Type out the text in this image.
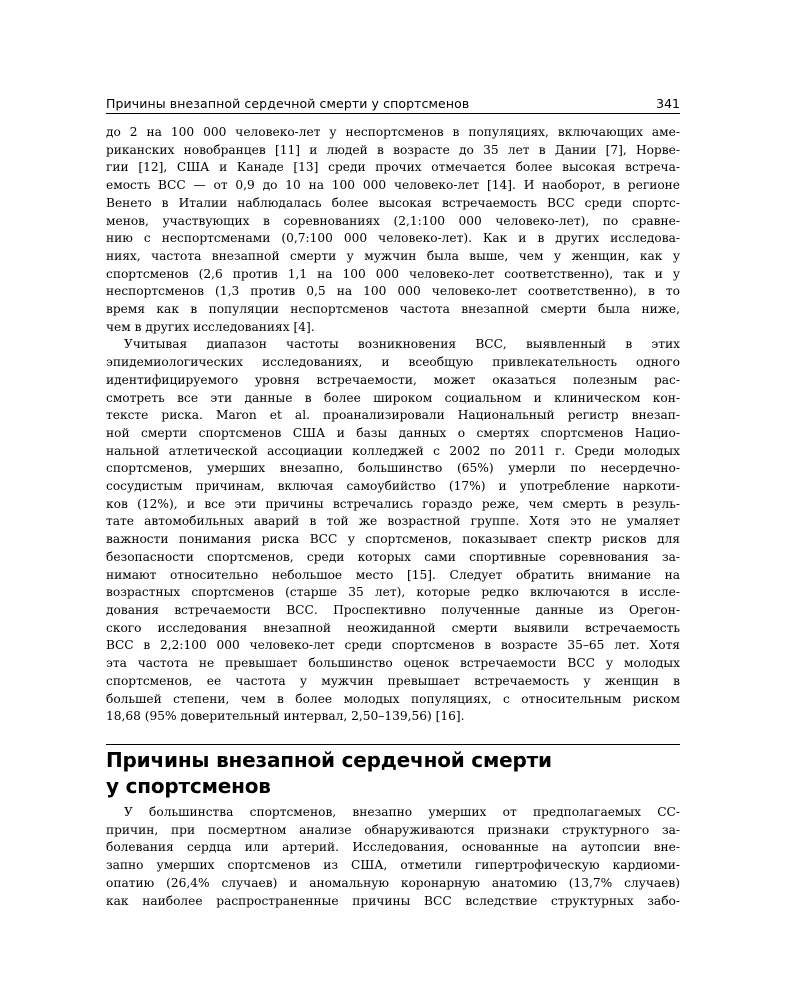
Причины внезапной сердечной смерти у спортсменов	341

до 2 на 100 000 человеко-лет у неспортсменов в популяциях, включающих аме-

риканских новобранцев [11] и людей в возрасте до 35 лет в Дании [7], Норве-

гии [12], США и Канаде [13] среди прочих отмечается более высокая встреча-

емость ВСС — от 0,9 до 10 на 100 000 человеко-лет [14]. И наоборот, в регионе

Венето в Италии наблюдалась более высокая встречаемость ВСС среди спортс-

менов, участвующих в соревнованиях (2,1:100 000 человеко-лет), по сравне-

нию с неспортсменами (0,7:100 000 человеко-лет). Как и в других исследова-

ниях, частота внезапной смерти у мужчин была выше, чем у женщин, как у

спортсменов (2,6 против 1,1 на 100 000 человеко-лет соответственно), так и у

неспортсменов (1,3 против 0,5 на 100 000 человеко-лет соответственно), в то

время как в популяции неспортсменов частота внезапной смерти была ниже,

чем в других исследованиях [4].

Учитывая диапазон частоты возникновения ВСС, выявленный в этих

эпидемиологических исследованиях, и всеобщую привлекательность одного

идентифицируемого уровня встречаемости, может оказаться полезным рас-

смотреть все эти данные в более широком социальном и клиническом кон-

тексте риска. Maron et al. проанализировали Национальный регистр внезап-

ной смерти спортсменов США и базы данных о смертях спортсменов Нацио-

нальной атлетической ассоциации колледжей с 2002 по 2011 г. Среди молодых

спортсменов, умерших внезапно, большинство (65%) умерли по несердечно-

сосудистым причинам, включая самоубийство (17%) и употребление наркоти-

ков (12%), и все эти причины встречались гораздо реже, чем смерть в резуль-

тате автомобильных аварий в той же возрастной группе. Хотя это не умаляет

важности понимания риска ВСС у спортсменов, показывает спектр рисков для

безопасности спортсменов, среди которых сами спортивные соревнования за-

нимают относительно небольшое место [15]. Следует обратить внимание на

возрастных спортсменов (старше 35 лет), которые редко включаются в иссле-

дования встречаемости ВСС. Проспективно полученные данные из Орегон-

ского исследования внезапной неожиданной смерти выявили встречаемость

ВСС в 2,2:100 000 человеко-лет среди спортсменов в возрасте 35–65 лет. Хотя

эта частота не превышает большинство оценок встречаемости ВСС у молодых

спортсменов, ее частота у мужчин превышает встречаемость у женщин в

большей степени, чем в более молодых популяциях, с относительным риском

18,68 (95% доверительный интервал, 2,50–139,56) [16].

Причины внезапной сердечной смерти
у спортсменов

У большинства спортсменов, внезапно умерших от предполагаемых СС-

причин, при посмертном анализе обнаруживаются признаки структурного за-

болевания сердца или артерий. Исследования, основанные на аутопсии вне-

запно умерших спортсменов из США, отметили гипертрофическую кардиоми-

опатию (26,4% случаев) и аномальную коронарную анатомию (13,7% случаев)

как наиболее распространенные причины ВСС вследствие структурных забо-
